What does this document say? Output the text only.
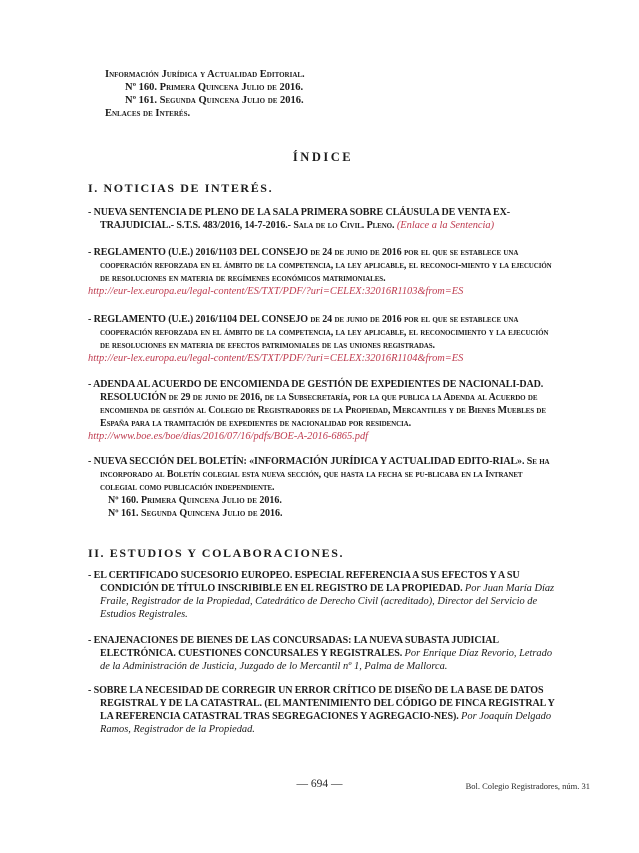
Información Jurídica y Actualidad Editorial.
Nº 160. Primera Quincena Julio de 2016.
Nº 161. Segunda Quincena Julio de 2016.
Enlaces de Interés.
ÍNDICE
I. NOTICIAS DE INTERÉS.

- NUEVA SENTENCIA DE PLENO DE LA SALA PRIMERA SOBRE CLÁUSULA DE VENTA EX-TRAJUDICIAL.- S.T.S. 483/2016, 14-7-2016.- Sala de lo Civil. Pleno. (Enlace a la Sentencia)

- REGLAMENTO (U.E.) 2016/1103 DEL CONSEJO de 24 de junio de 2016 por el que se establece una cooperación reforzada en el ámbito de la competencia, la ley aplicable, el reconoci-miento y la ejecución de resoluciones en materia de regímenes económicos matrimoniales.

http://eur-lex.europa.eu/legal-content/ES/TXT/PDF/?uri=CELEX:32016R1103&from=ES

- REGLAMENTO (U.E.) 2016/1104 DEL CONSEJO de 24 de junio de 2016 por el que se establece una cooperación reforzada en el ámbito de la competencia, la ley aplicable, el reconocimiento y la ejecución de resoluciones en materia de efectos patrimoniales de las uniones registradas.

http://eur-lex.europa.eu/legal-content/ES/TXT/PDF/?uri=CELEX:32016R1104&from=ES

- ADENDA AL ACUERDO DE ENCOMIENDA DE GESTIÓN DE EXPEDIENTES DE NACIONALI-DAD. RESOLUCIÓN de 29 de junio de 2016, de la Subsecretaría, por la que publica la Adenda al Acuerdo de encomienda de gestión al Colegio de Registradores de la Propiedad, Mercantiles y de Bienes Muebles de España para la tramitación de expedientes de nacionalidad por residencia.

http://www.boe.es/boe/dias/2016/07/16/pdfs/BOE-A-2016-6865.pdf

- NUEVA SECCIÓN DEL BOLETÍN: «INFORMACIÓN JURÍDICA Y ACTUALIDAD EDITO-RIAL». Se ha incorporado al Boletín colegial esta nueva sección, que hasta la fecha se pu-blicaba en la Intranet colegial como publicación independiente.

Nº 160. Primera Quincena Julio de 2016.
Nº 161. Segunda Quincena Julio de 2016.
II. ESTUDIOS Y COLABORACIONES.

- EL CERTIFICADO SUCESORIO EUROPEO. ESPECIAL REFERENCIA A SUS EFECTOS Y A SU CONDICIÓN DE TÍTULO INSCRIBIBLE EN EL REGISTRO DE LA PROPIEDAD. Por Juan María Díaz Fraile, Registrador de la Propiedad, Catedrático de Derecho Civil (acreditado), Director del Servicio de Estudios Registrales.

- ENAJENACIONES DE BIENES DE LAS CONCURSADAS: LA NUEVA SUBASTA JUDICIAL ELECTRÓNICA. CUESTIONES CONCURSALES Y REGISTRALES. Por Enrique Díaz Revorio, Letrado de la Administración de Justicia, Juzgado de lo Mercantil nº 1, Palma de Mallorca.

- SOBRE LA NECESIDAD DE CORREGIR UN ERROR CRÍTICO DE DISEÑO DE LA BASE DE DATOS REGISTRAL Y DE LA CATASTRAL. (EL MANTENIMIENTO DEL CÓDIGO DE FINCA REGISTRAL Y LA REFERENCIA CATASTRAL TRAS SEGREGACIONES Y AGREGACIO-NES). Por Joaquín Delgado Ramos, Registrador de la Propiedad.

— 694 —	Bol. Colegio Registradores, núm. 31
